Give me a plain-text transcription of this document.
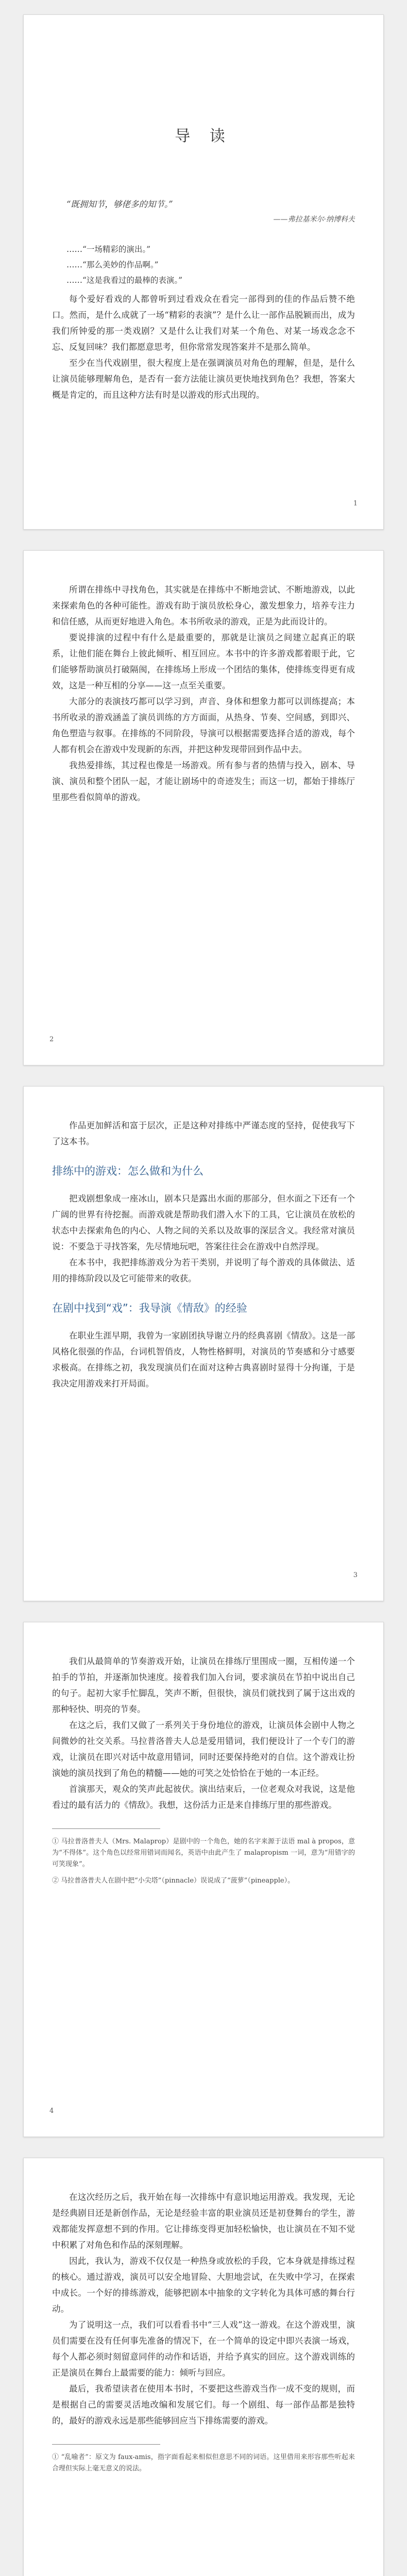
导 读
“既拥知节，够佬多的知节。”
——弗拉基米尔·纳博科夫
……“一场精彩的演出。”
……“那么美妙的作品啊。”
……“这是我看过的最棒的表演。”

每个爱好看戏的人都曾听到过看戏众在看完一部得到的佳的作品后赞不绝口。然而，是什么成就了一场“精彩的表演”？是什么让一部作品脱颖而出，成为我们所钟爱的那一类戏剧？又是什么让我们对某一个角色、对某一场戏念念不忘、反复回味？我们都愿意思考，但你常常发现答案并不是那么简单。

至少在当代戏剧里，很大程度上是在强调演员对角色的理解，但是，是什么让演员能够理解角色，是否有一套方法能让演员更快地找到角色？我想，答案大概是肯定的，而且这种方法有时是以游戏的形式出现的。

1

所谓在排练中寻找角色，其实就是在排练中不断地尝试、不断地游戏，以此来探索角色的各种可能性。游戏有助于演员放松身心，激发想象力，培养专注力和信任感，从而更好地进入角色。本书所收录的游戏，正是为此而设计的。

要说排演的过程中有什么是最重要的，那就是让演员之间建立起真正的联系，让他们能在舞台上彼此倾听、相互回应。本书中的许多游戏都着眼于此，它们能够帮助演员打破隔阂，在排练场上形成一个团结的集体，使排练变得更有成效，这是一种互相的分享——这一点至关重要。

大部分的表演技巧都可以学习到，声音、身体和想象力都可以训练提高；本书所收录的游戏涵盖了演员训练的方方面面，从热身、节奏、空间感，到即兴、角色塑造与叙事。在排练的不同阶段，导演可以根据需要选择合适的游戏，每个人都有机会在游戏中发现新的东西，并把这种发现带回到作品中去。

我热爱排练，其过程也像是一场游戏。所有参与者的热情与投入，剧本、导演、演员和整个团队一起，才能让剧场中的奇迹发生；而这一切，都始于排练厅里那些看似简单的游戏。

2

作品更加鲜活和富于层次，正是这种对排练中严谨态度的坚持，促使我写下了这本书。

排练中的游戏：怎么做和为什么

把戏剧想象成一座冰山，剧本只是露出水面的那部分，但水面之下还有一个广阔的世界有待挖掘。而游戏就是帮助我们潜入水下的工具，它让演员在放松的状态中去探索角色的内心、人物之间的关系以及故事的深层含义。我经常对演员说：不要急于寻找答案，先尽情地玩吧，答案往往会在游戏中自然浮现。

在本书中，我把排练游戏分为若干类别，并说明了每个游戏的具体做法、适用的排练阶段以及它可能带来的收获。

在剧中找到“戏”：我导演《情敌》的经验

在职业生涯早期，我曾为一家剧团执导谢立丹的经典喜剧《情敌》。这是一部风格化很强的作品，台词机智俏皮，人物性格鲜明，对演员的节奏感和分寸感要求极高。在排练之初，我发现演员们在面对这种古典喜剧时显得十分拘谨，于是我决定用游戏来打开局面。

3

我们从最简单的节奏游戏开始，让演员在排练厅里围成一圈，互相传递一个拍手的节拍，并逐渐加快速度。接着我们加入台词，要求演员在节拍中说出自己的句子。起初大家手忙脚乱，笑声不断，但很快，演员们就找到了属于这出戏的那种轻快、明亮的节奏。

在这之后，我们又做了一系列关于身份地位的游戏，让演员体会剧中人物之间微妙的社交关系。马拉普洛普夫人总是爱用错词，我们便设计了一个专门的游戏，让演员在即兴对话中故意用错词，同时还要保持绝对的自信。这个游戏让扮演她的演员找到了角色的精髓——她的可笑之处恰恰在于她的一本正经。

首演那天，观众的笑声此起彼伏。演出结束后，一位老观众对我说，这是他看过的最有活力的《情敌》。我想，这份活力正是来自排练厅里的那些游戏。

① 马拉普洛普夫人（Mrs. Malaprop）是剧中的一个角色，她的名字来源于法语 mal à propos，意为“不得体”。这个角色以经常用错词而闻名，英语中由此产生了 malapropism 一词，意为“用错字的可笑现象”。
② 马拉普洛普夫人在剧中把“小尖塔”（pinnacle）误说成了“菠萝”（pineapple）。
4

在这次经历之后，我开始在每一次排练中有意识地运用游戏。我发现，无论是经典剧目还是新创作品，无论是经验丰富的职业演员还是初登舞台的学生，游戏都能发挥意想不到的作用。它让排练变得更加轻松愉快，也让演员在不知不觉中积累了对角色和作品的深刻理解。

因此，我认为，游戏不仅仅是一种热身或放松的手段，它本身就是排练过程的核心。通过游戏，演员可以安全地冒险、大胆地尝试，在失败中学习，在探索中成长。一个好的排练游戏，能够把剧本中抽象的文字转化为具体可感的舞台行动。

为了说明这一点，我们可以看看书中“三人戏”这一游戏。在这个游戏里，演员们需要在没有任何事先准备的情况下，在一个简单的设定中即兴表演一场戏，每个人都必须时刻留意同伴的动作和话语，并给予真实的回应。这个游戏训练的正是演员在舞台上最需要的能力：倾听与回应。

最后，我希望读者在使用本书时，不要把这些游戏当作一成不变的规则，而是根据自己的需要灵活地改编和发展它们。每一个剧组、每一部作品都是独特的，最好的游戏永远是那些能够回应当下排练需要的游戏。

① “乱喻者”：原文为 faux-amis，指字面看起来相似但意思不同的词语。这里借用来形容那些听起来合理但实际上毫无意义的说法。
